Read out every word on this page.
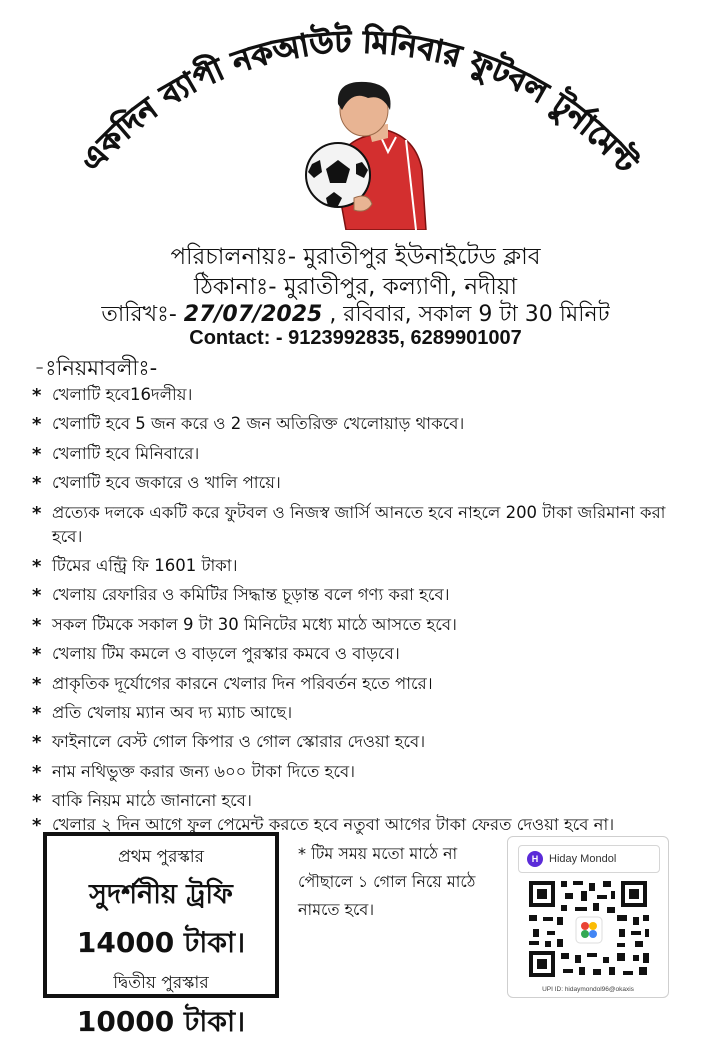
একদিন ব্যাপী নকআউট মিনিবার ফুটবল টুর্নামেন্ট
পরিচালনায়ঃ- মুরাতীপুর ইউনাইটেড ক্লাব
ঠিকানাঃ- মুরাতীপুর, কল্যাণী, নদীয়া
তারিখঃ- 27/07/2025 , রবিবার, সকাল 9 টা 30 মিনিট
Contact: - 9123992835, 6289901007
-ঃনিয়মাবলীঃ-
* খেলাটি হবে16দলীয়।
* খেলাটি হবে 5 জন করে ও 2 জন অতিরিক্ত খেলোয়াড় থাকবে।
* খেলাটি হবে মিনিবারে।
* খেলাটি হবে জকারে ও খালি পায়ে।
* প্রত্যেক দলকে একটি করে ফুটবল ও নিজস্ব জার্সি আনতে হবে নাহলে 200 টাকা জরিমানা করা হবে।
* টিমের এন্ট্রি ফি 1601 টাকা।
* খেলায় রেফারির ও কমিটির সিদ্ধান্ত চূড়ান্ত বলে গণ্য করা হবে।
* সকল টিমকে সকাল 9 টা 30 মিনিটের মধ্যে মাঠে আসতে হবে।
* খেলায় টিম কমলে ও বাড়লে পুরস্কার কমবে ও বাড়বে।
* প্রাকৃতিক দূর্যোগের কারনে খেলার দিন পরিবর্তন হতে পারে।
* প্রতি খেলায় ম্যান অব দ্য ম্যাচ আছে।
* ফাইনালে বেস্ট গোল কিপার ও গোল স্কোরার দেওয়া হবে।
* নাম নথিভুক্ত করার জন্য ৬০০ টাকা দিতে হবে।
* বাকি নিয়ম মাঠে জানানো হবে।
* খেলার ২ দিন আগে ফুল পেমেন্ট করতে হবে নতুবা আগের টাকা ফেরত দেওয়া হবে না।
প্রথম পুরস্কার
সুদর্শনীয় ট্রফি
14000 টাকা।
দ্বিতীয় পুরস্কার
10000 টাকা।
* টিম সময় মতো মাঠে না পৌছালে ১ গোল নিয়ে মাঠে নামতে হবে।
H Hiday Mondol
UPI ID: hidaymondol96@okaxis
